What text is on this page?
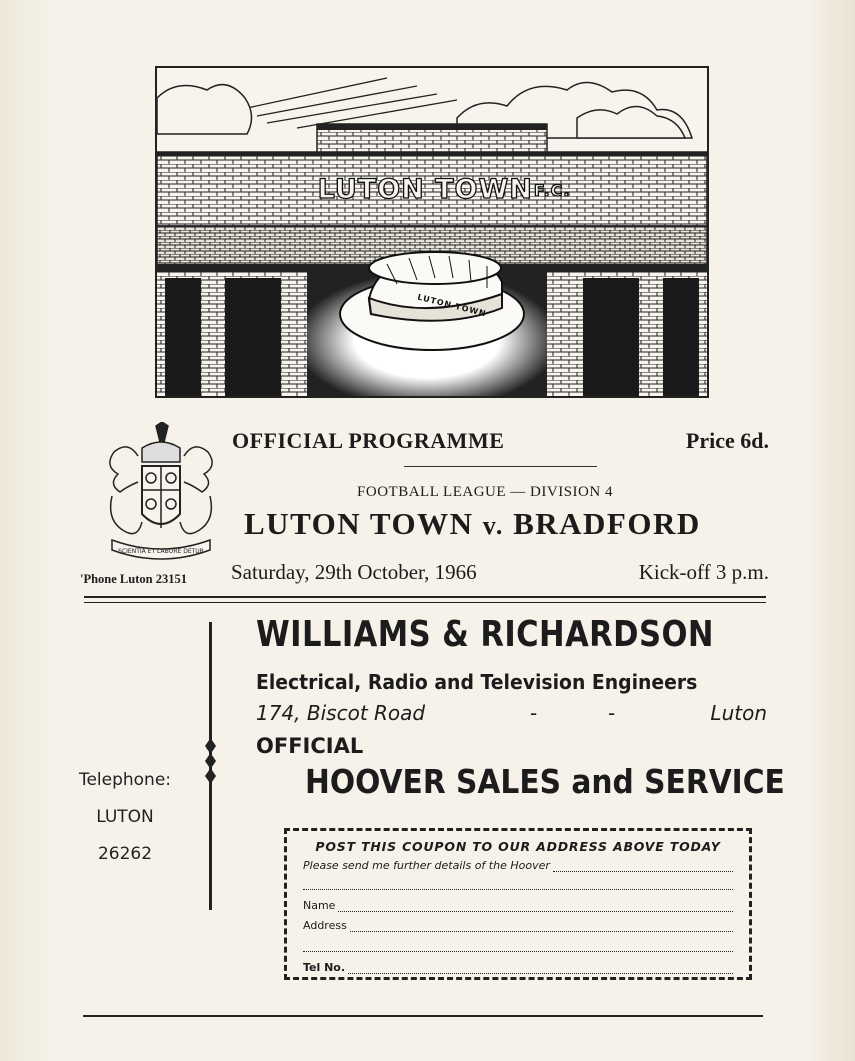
LUTON TOWN F.C.
LUTON TOWN
SCIENTIA ET LABORE DETUR
'Phone Luton 23151
OFFICIAL PROGRAMME	Price 6d.
FOOTBALL LEAGUE — DIVISION 4
LUTON TOWN v. BRADFORD
Saturday, 29th October, 1966	Kick-off 3 p.m.
Telephone:
LUTON
26262
WILLIAMS & RICHARDSON
Electrical, Radio and Television Engineers
174, Biscot Road	-	-	Luton
OFFICIAL
HOOVER SALES and SERVICE
POST THIS COUPON TO OUR ADDRESS ABOVE TODAY
Please send me further details of the Hoover
Name
Address
Tel No.
